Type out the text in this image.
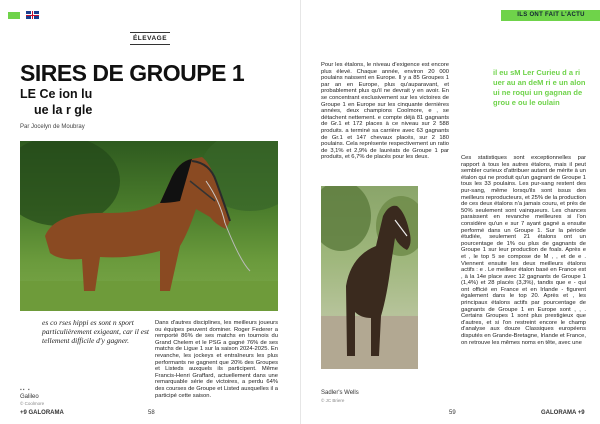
ÉLEVAGE
SIRES DE GROUPE 1
LE Ce ion lu
ue la r gle
Par Jocelyn de Moubray
es co rses hippi es sont n sport particulièrement exigeant, car il est tellement difficile d'y gagner.

Dans d'autres disciplines, les meilleurs joueurs ou équipes peuvent dominer. Roger Federer a remporté 86% de ses matchs en tournois du Grand Chelem et le PSG a gagné 76% de ses matchs de Ligue 1 sur la saison 2024-2025. En revanche, les jockeys et entraîneurs les plus performants ne gagnent que 20% des Groupes et Listeds auxquels ils participent. Même Francis-Henri Graffard, actuellement dans une remarquable série de victoires, a perdu 64% des courses de Groupe et Listed auxquelles il a participé cette saison.

▪▪ ▪
Galileo
© Coolmore
+9 GALORAMA	58
ILS ONT FAIT L'ACTU

Pour les étalons, le niveau d'exigence est encore plus élevé. Chaque année, environ 20 000 poulains naissent en Europe. Il y a 85 Groupes 1 par an en Europe, plus qu'auparavant, et probablement plus qu'il ne devrait y en avoir. En se concentrant exclusivement sur les victoires de Groupe 1 en Europe sur les cinquante dernières années, deux champions Coolmore, e , se détachent nettement. e compte déjà 81 gagnants de Gr.1 et 172 places à ce niveau sur 2 588 produits. a terminé sa carrière avec 63 gagnants de Gr.1 et 147 chevaux placés, sur 2 180 poulains. Cela représente respectivement un ratio de 3,1% et 2,9% de lauréats de Groupe 1 par produits, et 6,7% de placés pour les deux.

il eu sM Ler Curieu d a ri uer au an deM ri e un alon ui ne roqui un gagnan de grou e ou le oulain
Sadler's Wells
© JC Briere

Ces statistiques sont exceptionnelles par rapport à tous les autres étalons, mais il peut sembler curieux d'attribuer autant de mérite à un étalon qui ne produit qu'un gagnant de Groupe 1 tous les 33 poulains. Les pur-sang restent des pur-sang, même lorsqu'ils sont issus des meilleurs reproducteurs, et 25% de la production de ces deux étalons n'a jamais couru, et près de 50% seulement sont vainqueurs. Les chances paraissent en revanche meilleures si l'on considère qu'un e sur 7 ayant gagné a ensuite performé dans un Groupe 1. Sur la période étudiée, seulement 21 étalons ont un pourcentage de 1% ou plus de gagnants de Groupe 1 sur leur production de foals. Après e et , le top 5 se compose de M , , et de e . Viennent ensuite les deux meilleurs étalons actifs : e . Le meilleur étalon basé en France est , à la 14e place avec 12 gagnants de Groupe 1 (1,4%) et 28 placés (3,3%), tandis que e - qui ont officié en France et en Irlande - figurent également dans le top 20. Après et , les principaux étalons actifs par pourcentage de gagnants de Groupe 1 en Europe sont , , . Certains Groupes 1 sont plus prestigieux que d'autres, et si l'on restreint encore le champ d'analyse aux douze Classiques européens disputés en Grande-Bretagne, Irlande et France, on retrouve les mêmes noms en tête, avec une

59	GALORAMA +9
